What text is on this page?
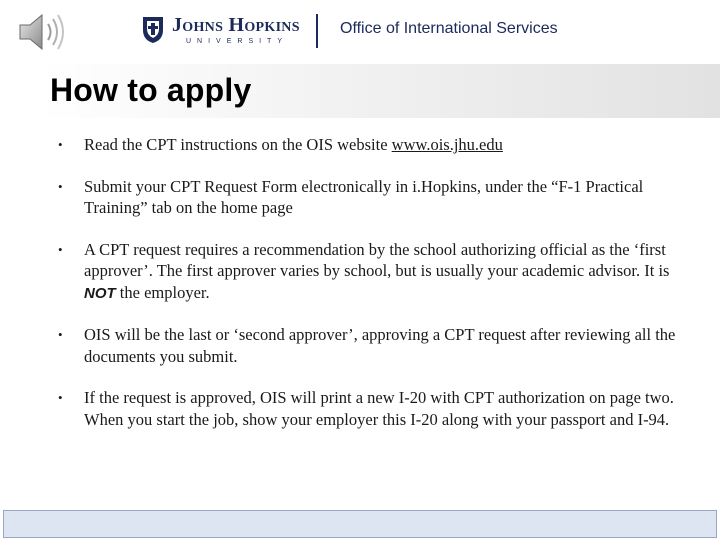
Johns Hopkins
UNIVERSITY
Office of International Services
How to apply
• Read the CPT instructions on the OIS website www.ois.jhu.edu
• Submit your CPT Request Form electronically in i.Hopkins, under the “F-1 Practical Training” tab on the home page
• A CPT request requires a recommendation by the school authorizing official as the ‘first approver’. The first approver varies by school, but is usually your academic advisor. It is NOT the employer.
• OIS will be the last or ‘second approver’, approving a CPT request after reviewing all the documents you submit.
• If the request is approved, OIS will print a new I-20 with CPT authorization on page two. When you start the job, show your employer this I-20 along with your passport and I-94.
